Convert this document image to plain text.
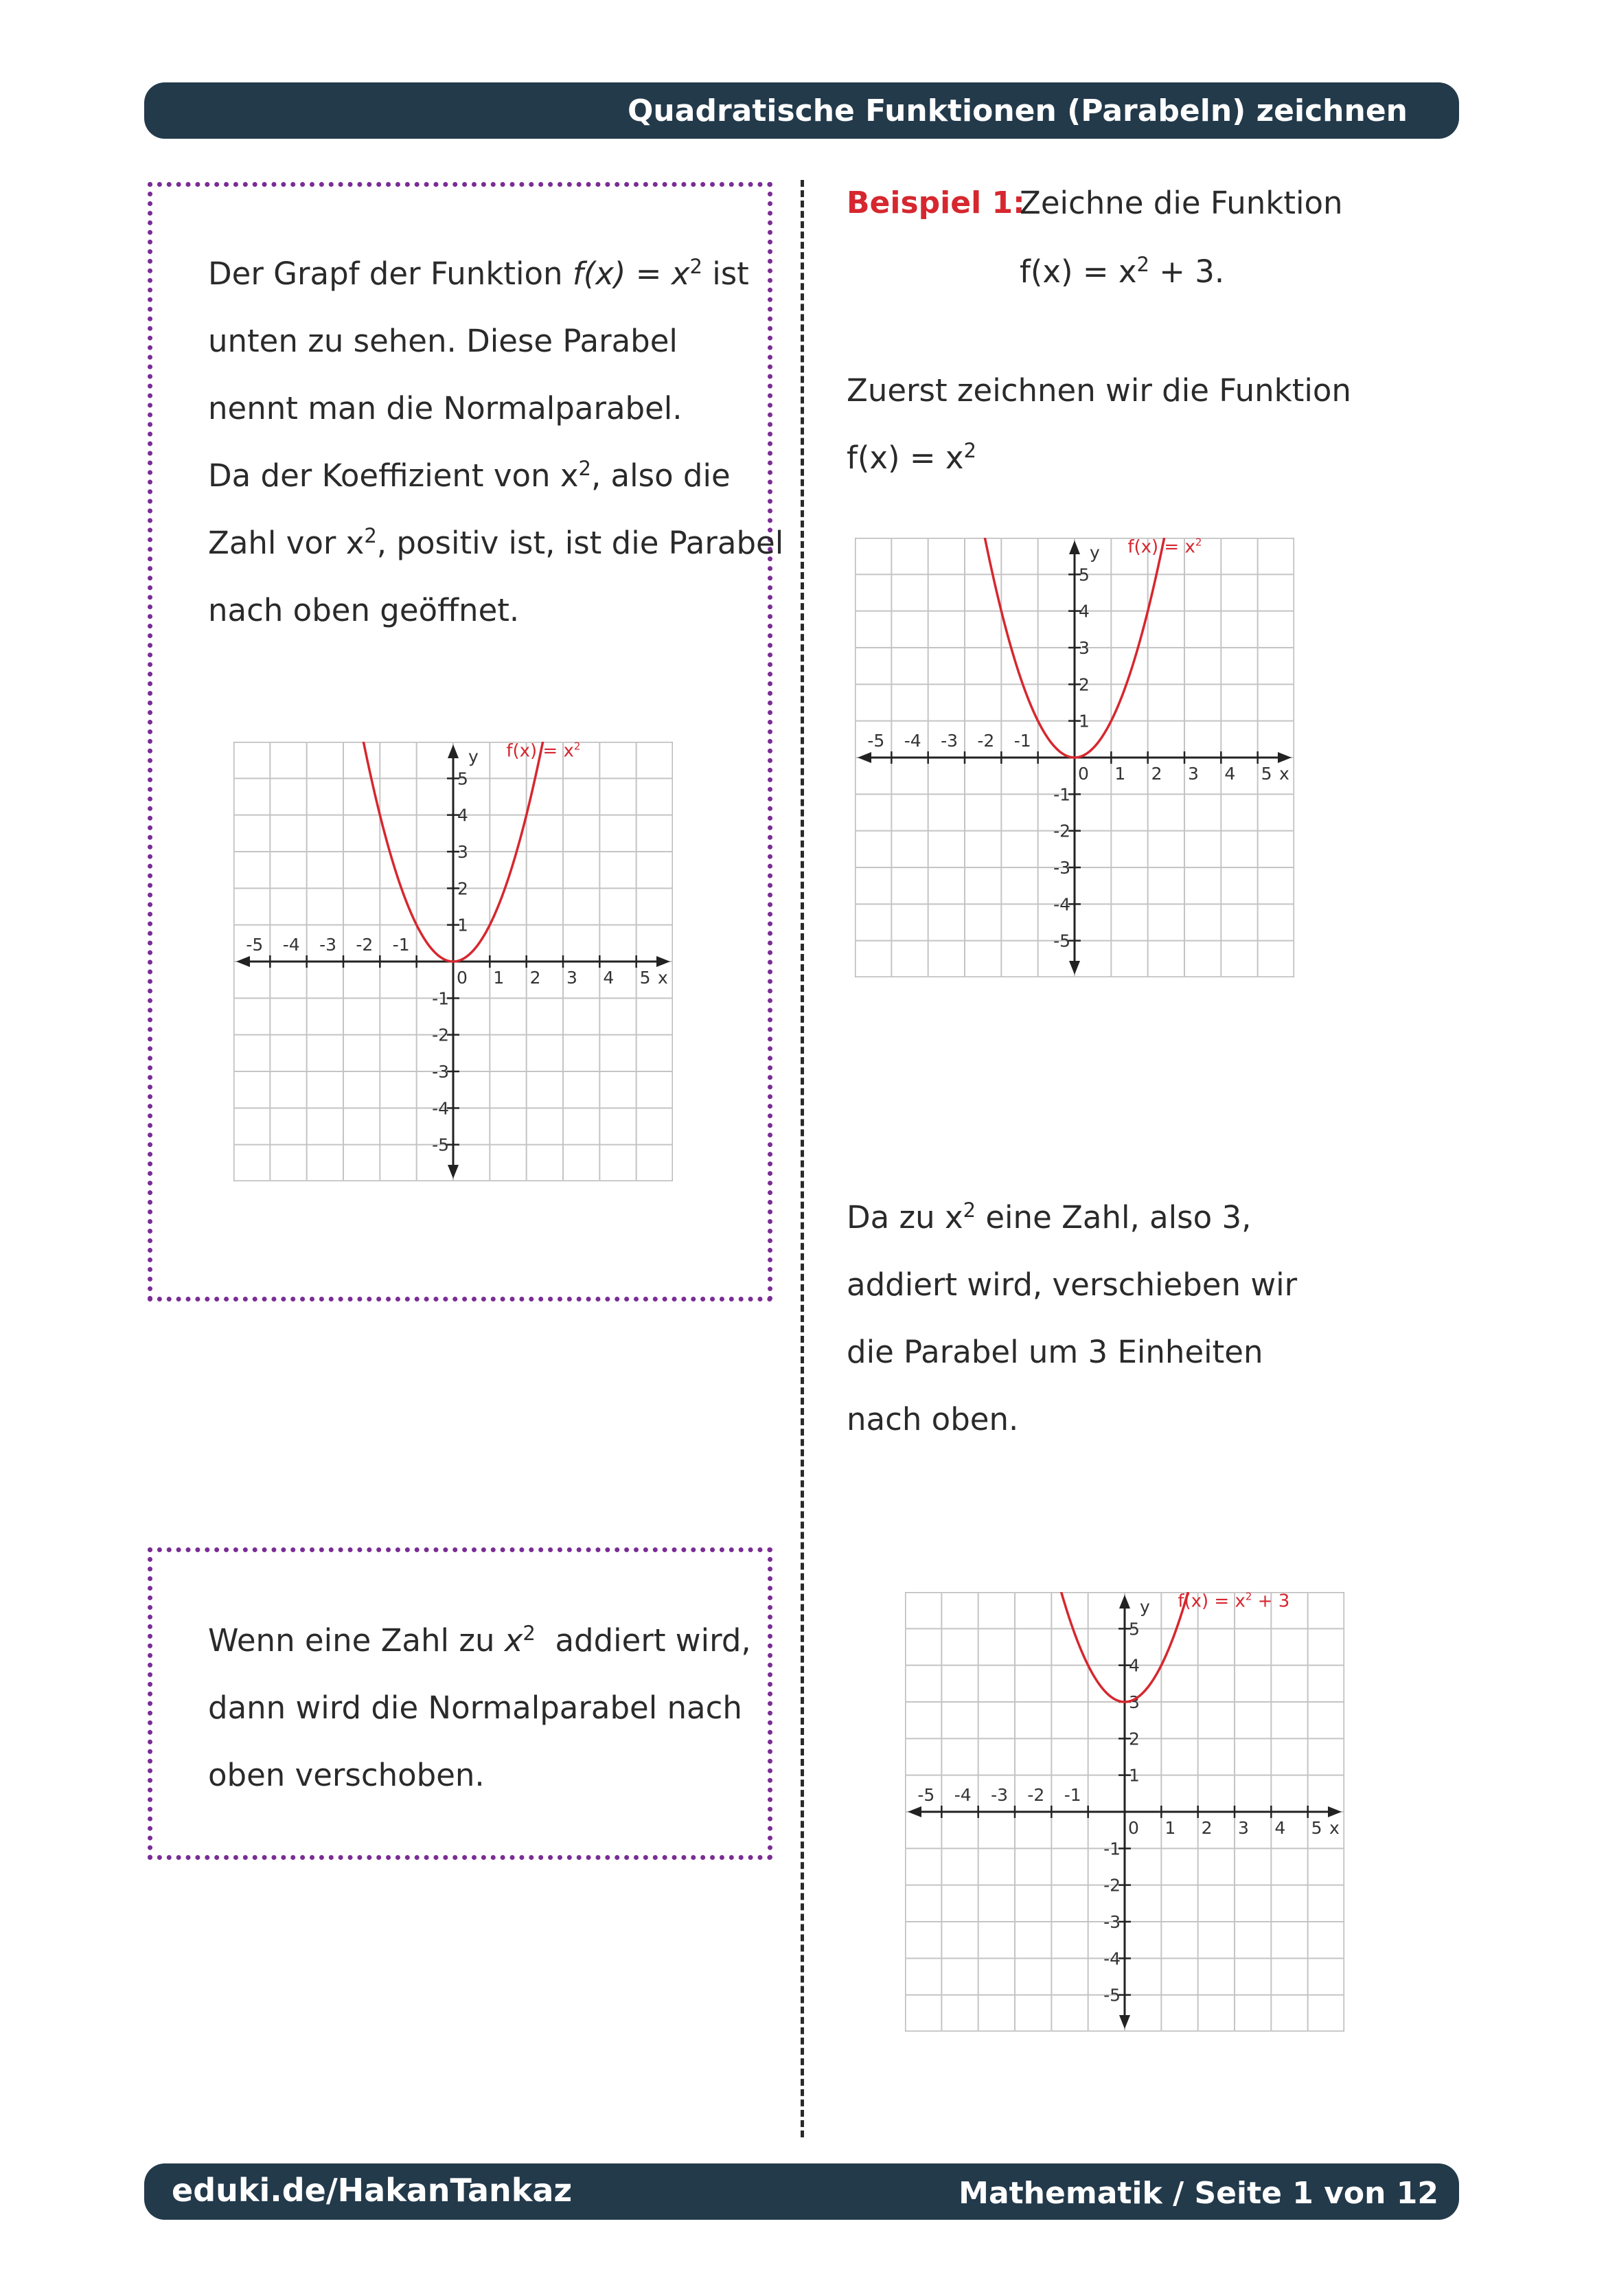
Quadratische Funktionen (Parabeln) zeichnen
Der Grapf der Funktion $f(x) = x^2$ ist
unten zu sehen. Diese Parabel
nennt man die Normalparabel.
Da der Koeffizient von $x^2$, also die
Zahl vor $x^2$, positiv ist, ist die Parabel
nach oben geöffnet.
Wenn eine Zahl zu $x^2$  addiert wird,
dann wird die Normalparabel nach
oben verschoben.
Beispiel 1:
Zeichne die Funktion
$f(x) = x^2 + 3$.
Zuerst zeichnen wir die Funktion
$f(x) = x^2$
Da zu $x^2$ eine Zahl, also 3,
addiert wird, verschieben wir
die Parabel um 3 Einheiten
nach oben.
-5 -4 -3 -2 -1
0 1 2 3 4 5
5
4
3
2
1
-1
-2
-3
-4
-5
x
y $f(x) = x^2$	-5 -4 -3 -2 -1
0 1 2 3 4 5
5
4
3
2
1
-1
-2
-3
-4
-5
x
y $f(x) = x^2$
-5 -4 -3 -2 -1
0 1 2 3 4 5
5
4
3
2
1
-1
-2
-3
-4
-5
x
y $f(x) = x^2 + 3$
eduki.de/HakanTankaz	Mathematik / Seite 1 von 12
